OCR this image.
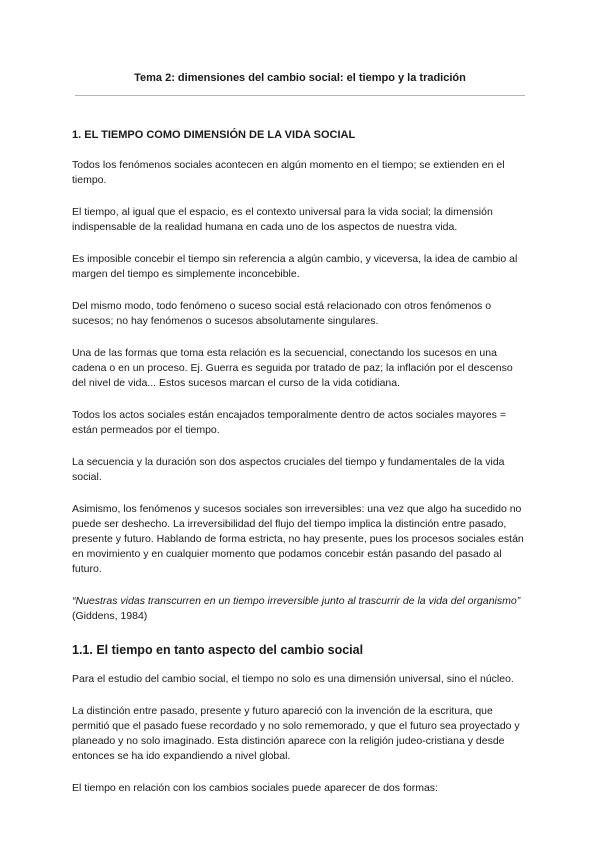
Tema 2: dimensiones del cambio social: el tiempo y la tradición
1. EL TIEMPO COMO DIMENSIÓN DE LA VIDA SOCIAL

Todos los fenómenos sociales acontecen en algún momento en el tiempo; se extienden en el tiempo.

El tiempo, al igual que el espacio, es el contexto universal para la vida social; la dimensión indispensable de la realidad humana en cada uno de los aspectos de nuestra vida.

Es imposible concebir el tiempo sin referencia a algún cambio, y viceversa, la idea de cambio al margen del tiempo es simplemente inconcebible.

Del mismo modo, todo fenómeno o suceso social está relacionado con otros fenómenos o sucesos; no hay fenómenos o sucesos absolutamente singulares.

Una de las formas que toma esta relación es la secuencial, conectando los sucesos en una cadena o en un proceso. Ej. Guerra es seguida por tratado de paz; la inflación por el descenso del nivel de vida... Estos sucesos marcan el curso de la vida cotidiana.

Todos los actos sociales están encajados temporalmente dentro de actos sociales mayores = están permeados por el tiempo.

La secuencia y la duración son dos aspectos cruciales del tiempo y fundamentales de la vida social.

Asimismo, los fenómenos y sucesos sociales son irreversibles: una vez que algo ha sucedido no puede ser deshecho. La irreversibilidad del flujo del tiempo implica la distinción entre pasado, presente y futuro. Hablando de forma estricta, no hay presente, pues los procesos sociales están en movimiento y en cualquier momento que podamos concebir están pasando del pasado al futuro.

“Nuestras vidas transcurren en un tiempo irreversible junto al trascurrir de la vida del organismo” (Giddens, 1984)

1.1. El tiempo en tanto aspecto del cambio social

Para el estudio del cambio social, el tiempo no solo es una dimensión universal, sino el núcleo.

La distinción entre pasado, presente y futuro apareció con la invención de la escritura, que permitió que el pasado fuese recordado y no solo rememorado, y que el futuro sea proyectado y planeado y no solo imaginado. Esta distinción aparece con la religión judeo-cristiana y desde entonces se ha ido expandiendo a nivel global.

El tiempo en relación con los cambios sociales puede aparecer de dos formas:
